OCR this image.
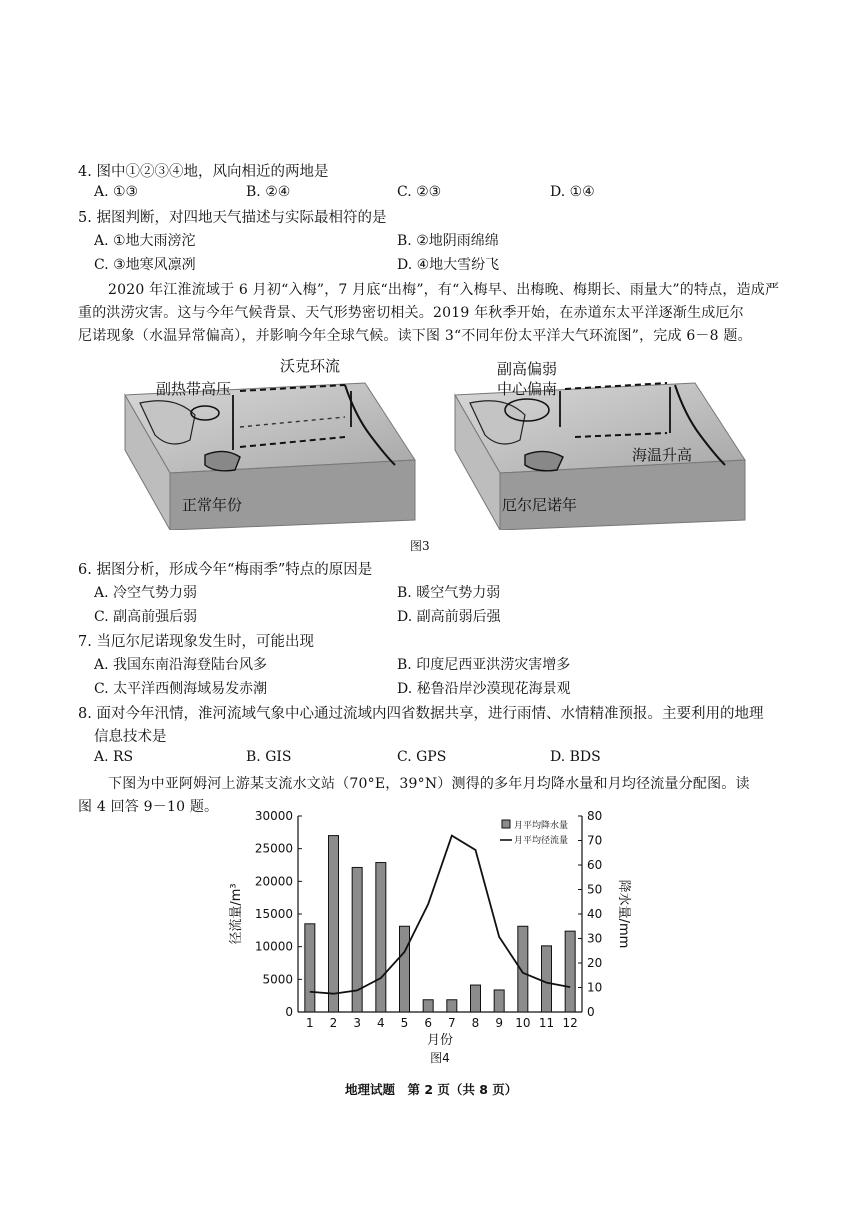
4. 图中①②③④地，风向相近的两地是
A. ①③	B. ②④	C. ②③	D. ①④
5. 据图判断，对四地天气描述与实际最相符的是
A. ①地大雨滂沱	B. ②地阴雨绵绵
C. ③地寒风凛冽	D. ④地大雪纷飞
2020 年江淮流域于 6 月初“入梅”，7 月底“出梅”，有“入梅早、出梅晚、梅期长、雨量大”的特点，造成严
重的洪涝灾害。这与今年气候背景、天气形势密切相关。2019 年秋季开始，在赤道东太平洋逐渐生成厄尔
尼诺现象（水温异常偏高），并影响今年全球气候。读下图 3“不同年份太平洋大气环流图”，完成 6－8 题。
沃克环流
副热带高压
正常年份
副高偏弱
中心偏南
海温升高
厄尔尼诺年
图3
6. 据图分析，形成今年“梅雨季”特点的原因是
A. 冷空气势力弱	B. 暖空气势力弱
C. 副高前强后弱	D. 副高前弱后强
7. 当厄尔尼诺现象发生时，可能出现
A. 我国东南沿海登陆台风多	B. 印度尼西亚洪涝灾害增多
C. 太平洋西侧海域易发赤潮	D. 秘鲁沿岸沙漠现花海景观
8. 面对今年汛情，淮河流域气象中心通过流域内四省数据共享，进行雨情、水情精准预报。主要利用的地理
信息技术是
A. RS	B. GIS	C. GPS	D. BDS
下图为中亚阿姆河上游某支流水文站（70°E，39°N）测得的多年月均降水量和月均径流量分配图。读
图 4 回答 9－10 题。
0
5000
10000
15000
20000
25000
30000
0
10
20
30
40
50
60
70
80
1 2 3 4 5 6 7 8 9 10 11 12
月份
径流量/m³	降水量/mm
月平均降水量
月平均径流量
图4
地理试题　第 2 页（共 8 页）
